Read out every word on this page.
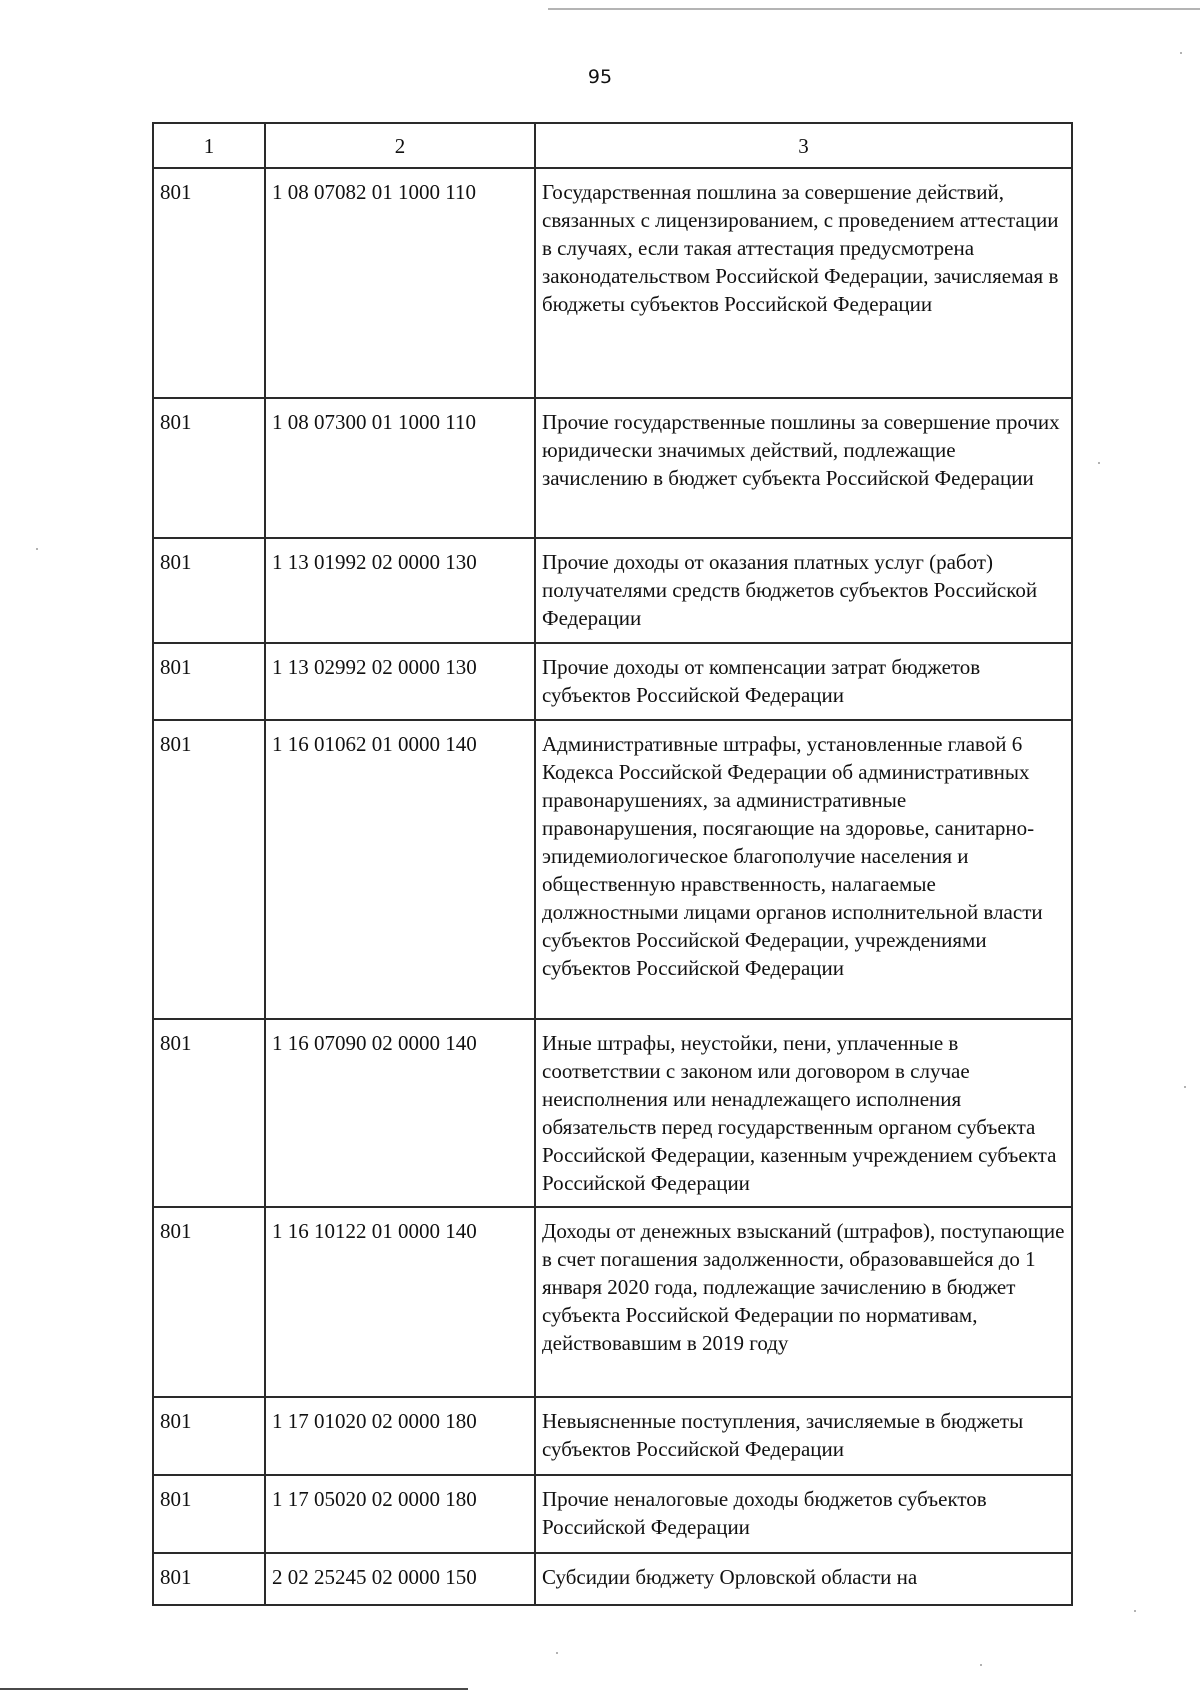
95
1	2	3
801	1 08 07082 01 1000 110	Государственная пошлина за совершение действий, связанных с лицензированием, с проведением аттестации в случаях, если такая аттестация предусмотрена законодательством Российской Федерации, зачисляемая в бюджеты субъектов Российской Федерации
801	1 08 07300 01 1000 110	Прочие государственные пошлины за совершение прочих юридически значимых действий, подлежащие зачислению в бюджет субъекта Российской Федерации
801	1 13 01992 02 0000 130	Прочие доходы от оказания платных услуг (работ) получателями средств бюджетов субъектов Российской Федерации
801	1 13 02992 02 0000 130	Прочие доходы от компенсации затрат бюджетов субъектов Российской Федерации
801	1 16 01062 01 0000 140	Административные штрафы, установленные главой 6 Кодекса Российской Федерации об административных правонарушениях, за административные правонарушения, посягающие на здоровье, санитарно-эпидемиологическое благополучие населения и общественную нравственность, налагаемые должностными лицами органов исполнительной власти субъектов Российской Федерации, учреждениями субъектов Российской Федерации
801	1 16 07090 02 0000 140	Иные штрафы, неустойки, пени, уплаченные в соответствии с законом или договором в случае неисполнения или ненадлежащего исполнения обязательств перед государственным органом субъекта Российской Федерации, казенным учреждением субъекта Российской Федерации
801	1 16 10122 01 0000 140	Доходы от денежных взысканий (штрафов), поступающие в счет погашения задолженности, образовавшейся до 1 января 2020 года, подлежащие зачислению в бюджет субъекта Российской Федерации по нормативам, действовавшим в 2019 году
801	1 17 01020 02 0000 180	Невыясненные поступления, зачисляемые в бюджеты субъектов Российской Федерации
801	1 17 05020 02 0000 180	Прочие неналоговые доходы бюджетов субъектов Российской Федерации
801	2 02 25245 02 0000 150	Субсидии бюджету Орловской области на
